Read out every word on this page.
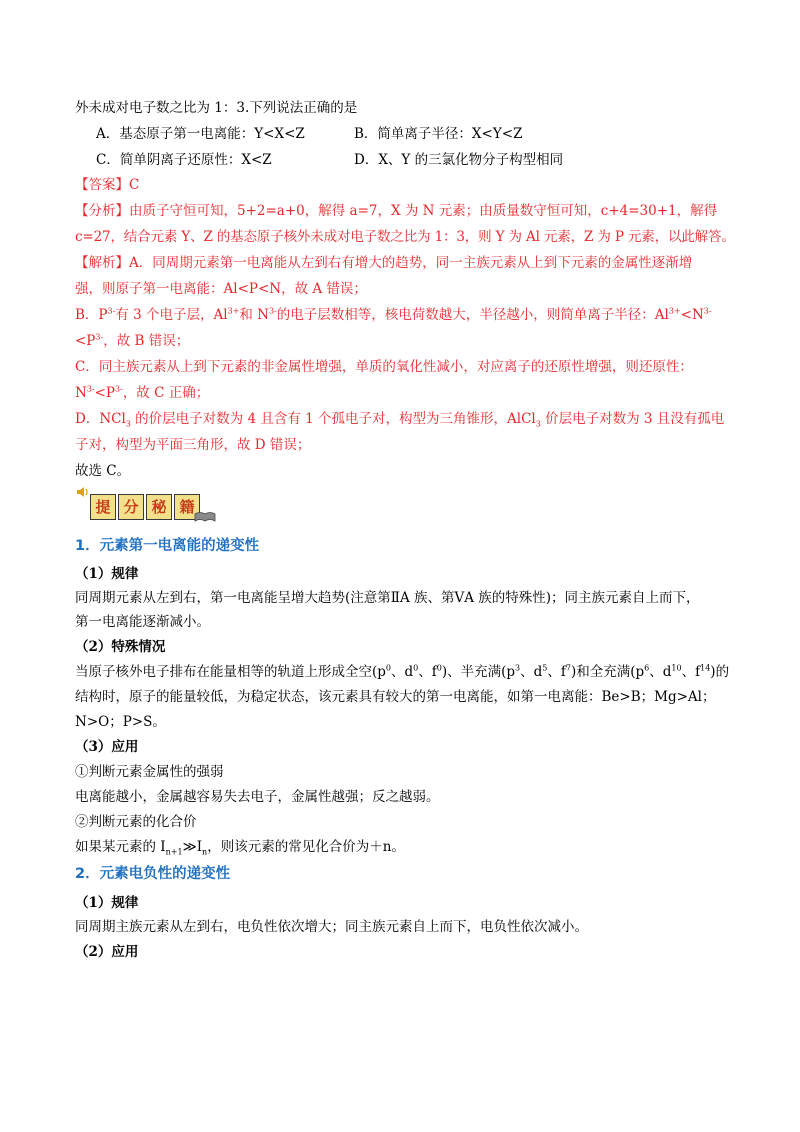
外未成对电子数之比为 1：3.下列说法正确的是
A．基态原子第一电离能：Y<X<Z	B．简单离子半径：X<Y<Z
C．简单阴离子还原性：X<Z	D．X、Y 的三氯化物分子构型相同
【答案】C
【分析】由质子守恒可知，5+2=a+0，解得 a=7，X 为 N 元素；由质量数守恒可知，c+4=30+1，解得
c=27，结合元素 Y、Z 的基态原子核外未成对电子数之比为 1：3，则 Y 为 Al 元素，Z 为 P 元素，以此解答。
【解析】A．同周期元素第一电离能从左到右有增大的趋势，同一主族元素从上到下元素的金属性逐渐增
强，则原子第一电离能：Al<P<N，故 A 错误；
B．$P^{3-}$有 3 个电子层，$Al^{3+}$和 $N^{3-}$的电子层数相等，核电荷数越大，半径越小，则简单离子半径：$Al^{3+}<N^{3-}$
$<P^{3-}$，故 B 错误；
C．同主族元素从上到下元素的非金属性增强，单质的氧化性减小，对应离子的还原性增强，则还原性：
$N^{3-}<P^{3-}$，故 C 正确；
D．NCl$_3$ 的价层电子对数为 4 且含有 1 个孤电子对，构型为三角锥形，AlCl$_3$ 价层电子对数为 3 且没有孤电
子对，构型为平面三角形，故 D 错误；
故选 C。
提 分 秘 籍
1．元素第一电离能的递变性
（1）规律
同周期元素从左到右，第一电离能呈增大趋势(注意第ⅡA 族、第ⅤA 族的特殊性)；同主族元素自上而下，
第一电离能逐渐减小。
（2）特殊情况
当原子核外电子排布在能量相等的轨道上形成全空($p^0$、$d^0$、$f^0$)、半充满($p^3$、$d^5$、$f^7$)和全充满($p^6$、$d^{10}$、$f^{14}$)的
结构时，原子的能量较低，为稳定状态，该元素具有较大的第一电离能，如第一电离能：Be>B；Mg>Al；
N>O；P>S。
（3）应用
①判断元素金属性的强弱
电离能越小，金属越容易失去电子，金属性越强；反之越弱。
②判断元素的化合价
如果某元素的 $I_{n+1}≫I_n$，则该元素的常见化合价为＋n。
2．元素电负性的递变性
（1）规律
同周期主族元素从左到右，电负性依次增大；同主族元素自上而下，电负性依次减小。
（2）应用
